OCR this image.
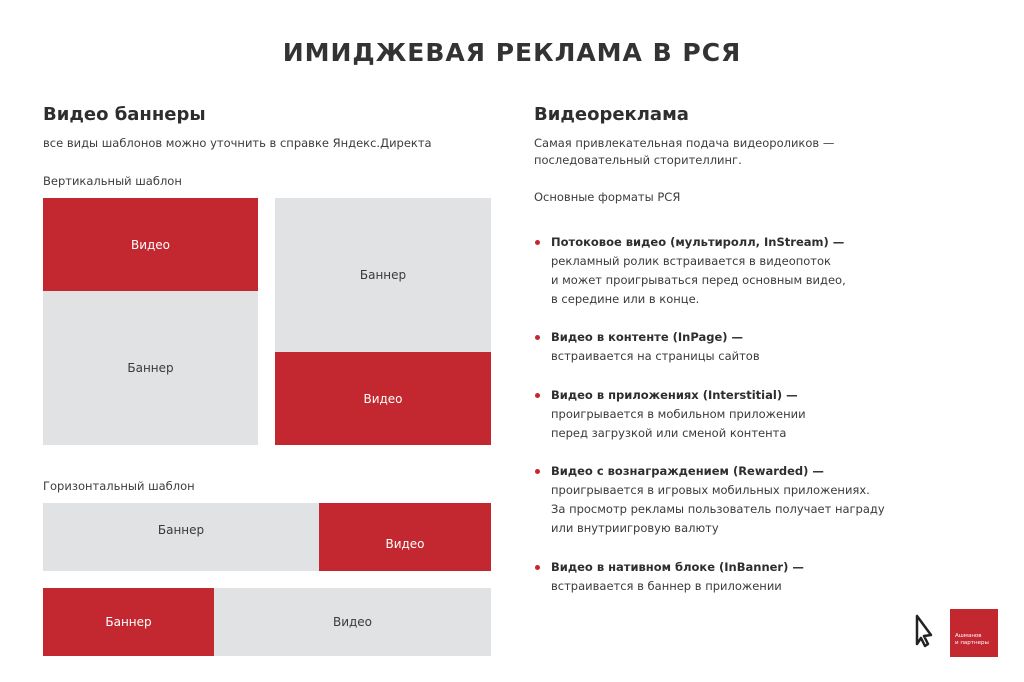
ИМИДЖЕВАЯ РЕКЛАМА В РСЯ
Видео баннеры
все виды шаблонов можно уточнить в справке Яндекс.Директа
Вертикальный шаблон
Видео
Баннер
Баннер
Видео
Горизонтальный шаблон
Баннер
Видео
Баннер	Видео
Видеореклама
Самая привлекательная подача видеороликов —
последовательный сторителлинг.
Основные форматы РСЯ
Потоковое видео (мультиролл, InStream) —
рекламный ролик встраивается в видеопоток
и может проигрываться перед основным видео,
в середине или в конце.
Видео в контенте (InPage) —
встраивается на страницы сайтов
Видео в приложениях (Interstitial) —
проигрывается в мобильном приложении
перед загрузкой или сменой контента
Видео с вознаграждением (Rewarded) —
проигрывается в игровых мобильных приложениях.
За просмотр рекламы пользователь получает награду
или внутриигровую валюту
Видео в нативном блоке (InBanner) —
встраивается в баннер в приложении
Ашманов
и партнеры
